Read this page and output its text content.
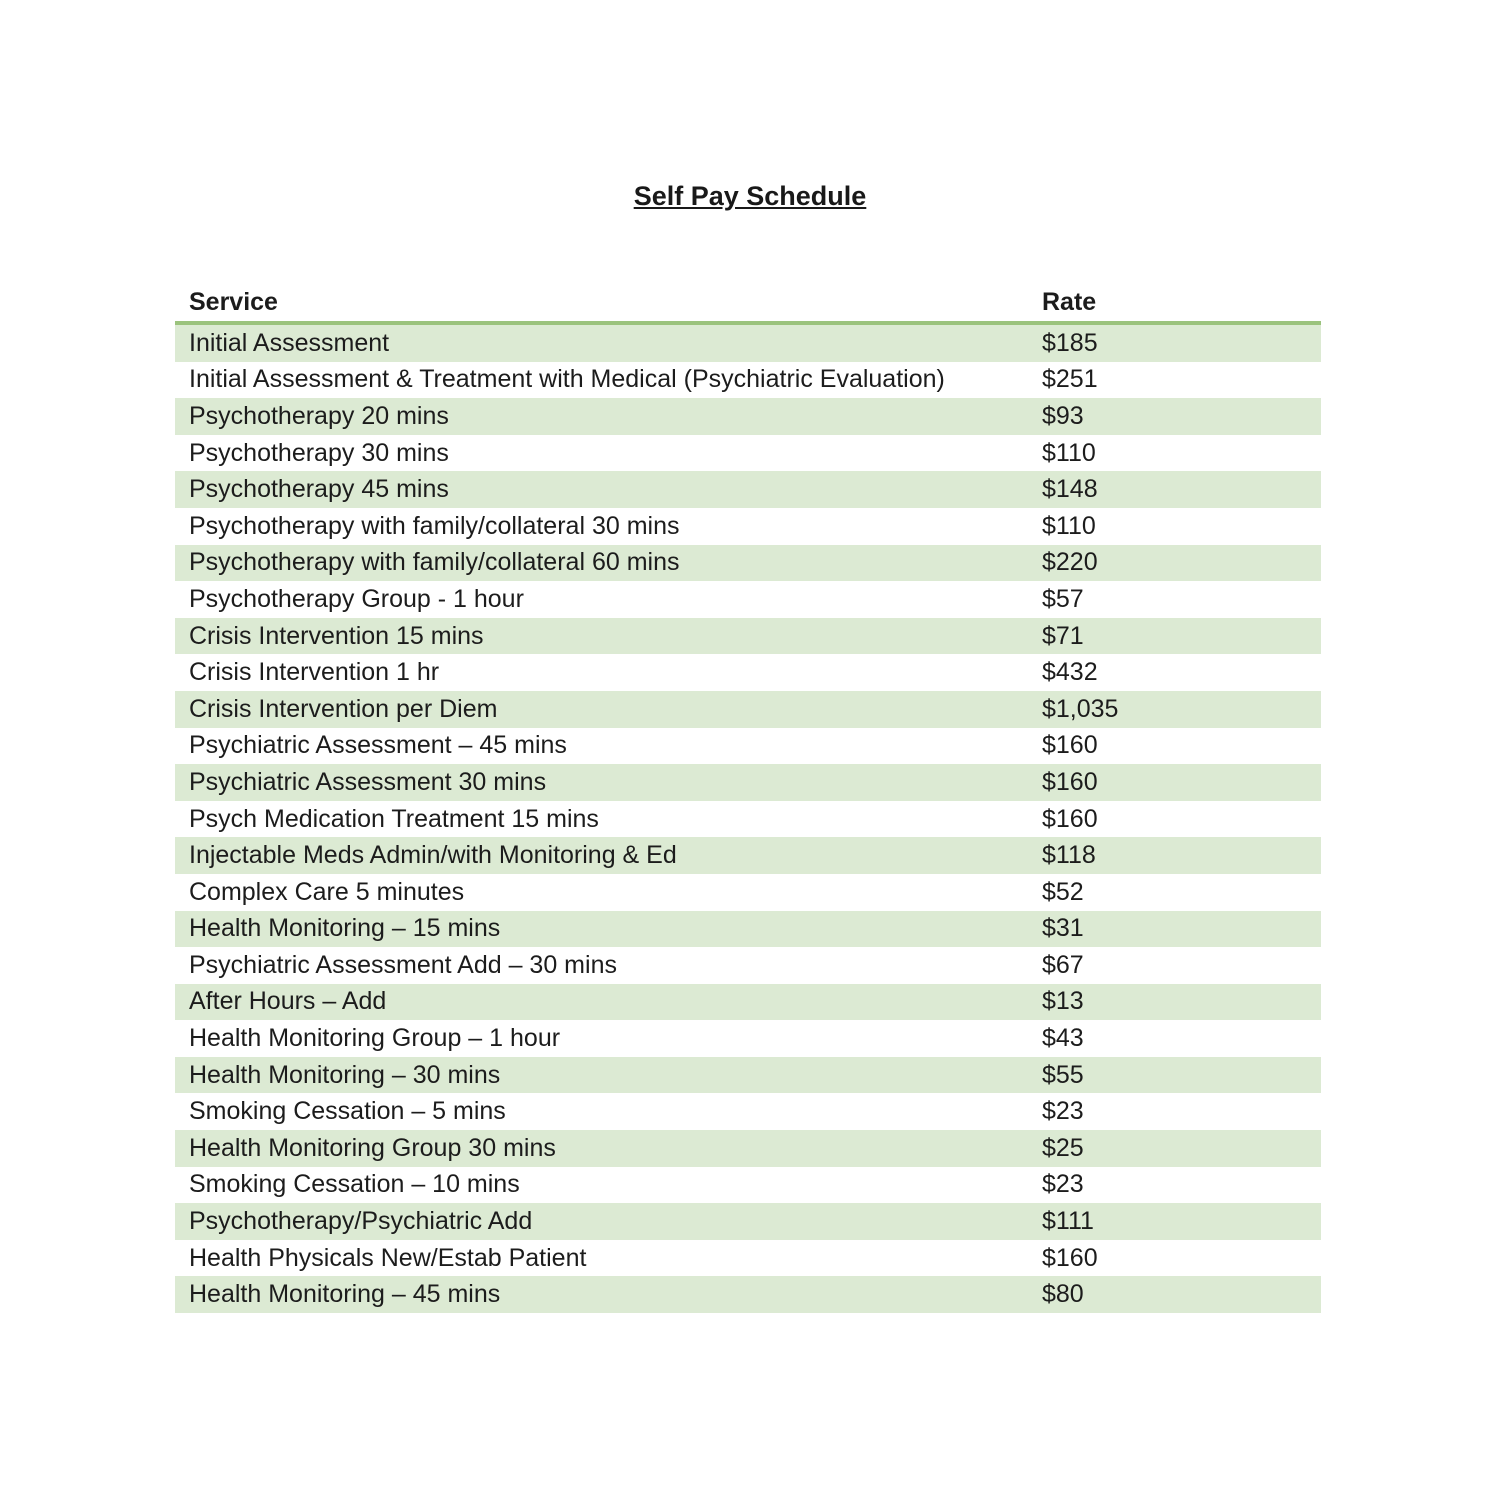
Self Pay Schedule
Service	Rate
Initial Assessment	$185
Initial Assessment & Treatment with Medical (Psychiatric Evaluation)	$251
Psychotherapy 20 mins	$93
Psychotherapy 30 mins	$110
Psychotherapy 45 mins	$148
Psychotherapy with family/collateral 30 mins	$110
Psychotherapy with family/collateral 60 mins	$220
Psychotherapy Group - 1 hour	$57
Crisis Intervention 15 mins	$71
Crisis Intervention 1 hr	$432
Crisis Intervention per Diem	$1,035
Psychiatric Assessment – 45 mins	$160
Psychiatric Assessment 30 mins	$160
Psych Medication Treatment 15 mins	$160
Injectable Meds Admin/with Monitoring & Ed	$118
Complex Care 5 minutes	$52
Health Monitoring – 15 mins	$31
Psychiatric Assessment Add – 30 mins	$67
After Hours – Add	$13
Health Monitoring Group – 1 hour	$43
Health Monitoring – 30 mins	$55
Smoking Cessation – 5 mins	$23
Health Monitoring Group 30 mins	$25
Smoking Cessation – 10 mins	$23
Psychotherapy/Psychiatric Add	$111
Health Physicals New/Estab Patient	$160
Health Monitoring – 45 mins	$80
